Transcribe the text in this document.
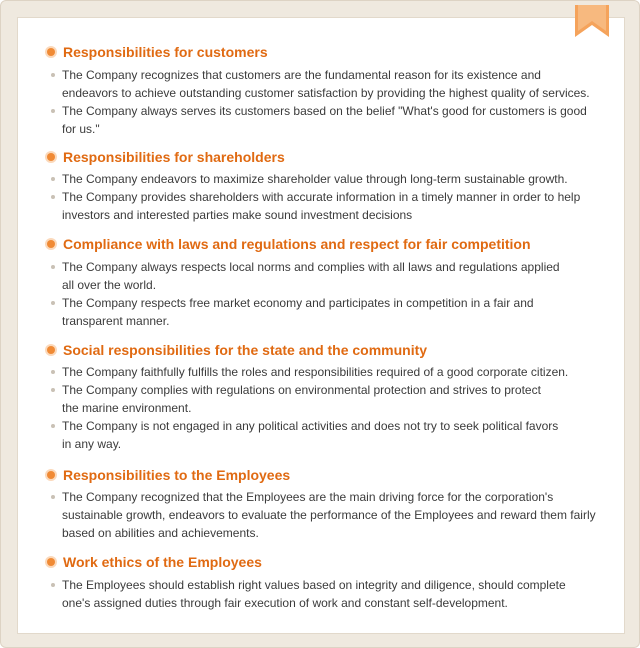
Responsibilities for customers
The Company recognizes that customers are the fundamental reason for its existence and
endeavors to achieve outstanding customer satisfaction by providing the highest quality of services.
The Company always serves its customers based on the belief "What's good for customers is good
for us."
Responsibilities for shareholders
The Company endeavors to maximize shareholder value through long-term sustainable growth.
The Company provides shareholders with accurate information in a timely manner in order to help
investors and interested parties make sound investment decisions
Compliance with laws and regulations and respect for fair competition
The Company always respects local norms and complies with all laws and regulations applied
all over the world.
The Company respects free market economy and participates in competition in a fair and
transparent manner.
Social responsibilities for the state and the community
The Company faithfully fulfills the roles and responsibilities required of a good corporate citizen.
The Company complies with regulations on environmental protection and strives to protect
the marine environment.
The Company is not engaged in any political activities and does not try to seek political favors
in any way.
Responsibilities to the Employees
The Company recognized that the Employees are the main driving force for the corporation's
sustainable growth, endeavors to evaluate the performance of the Employees and reward them fairly
based on abilities and achievements.
Work ethics of the Employees
The Employees should establish right values based on integrity and diligence, should complete
one's assigned duties through fair execution of work and constant self-development.
